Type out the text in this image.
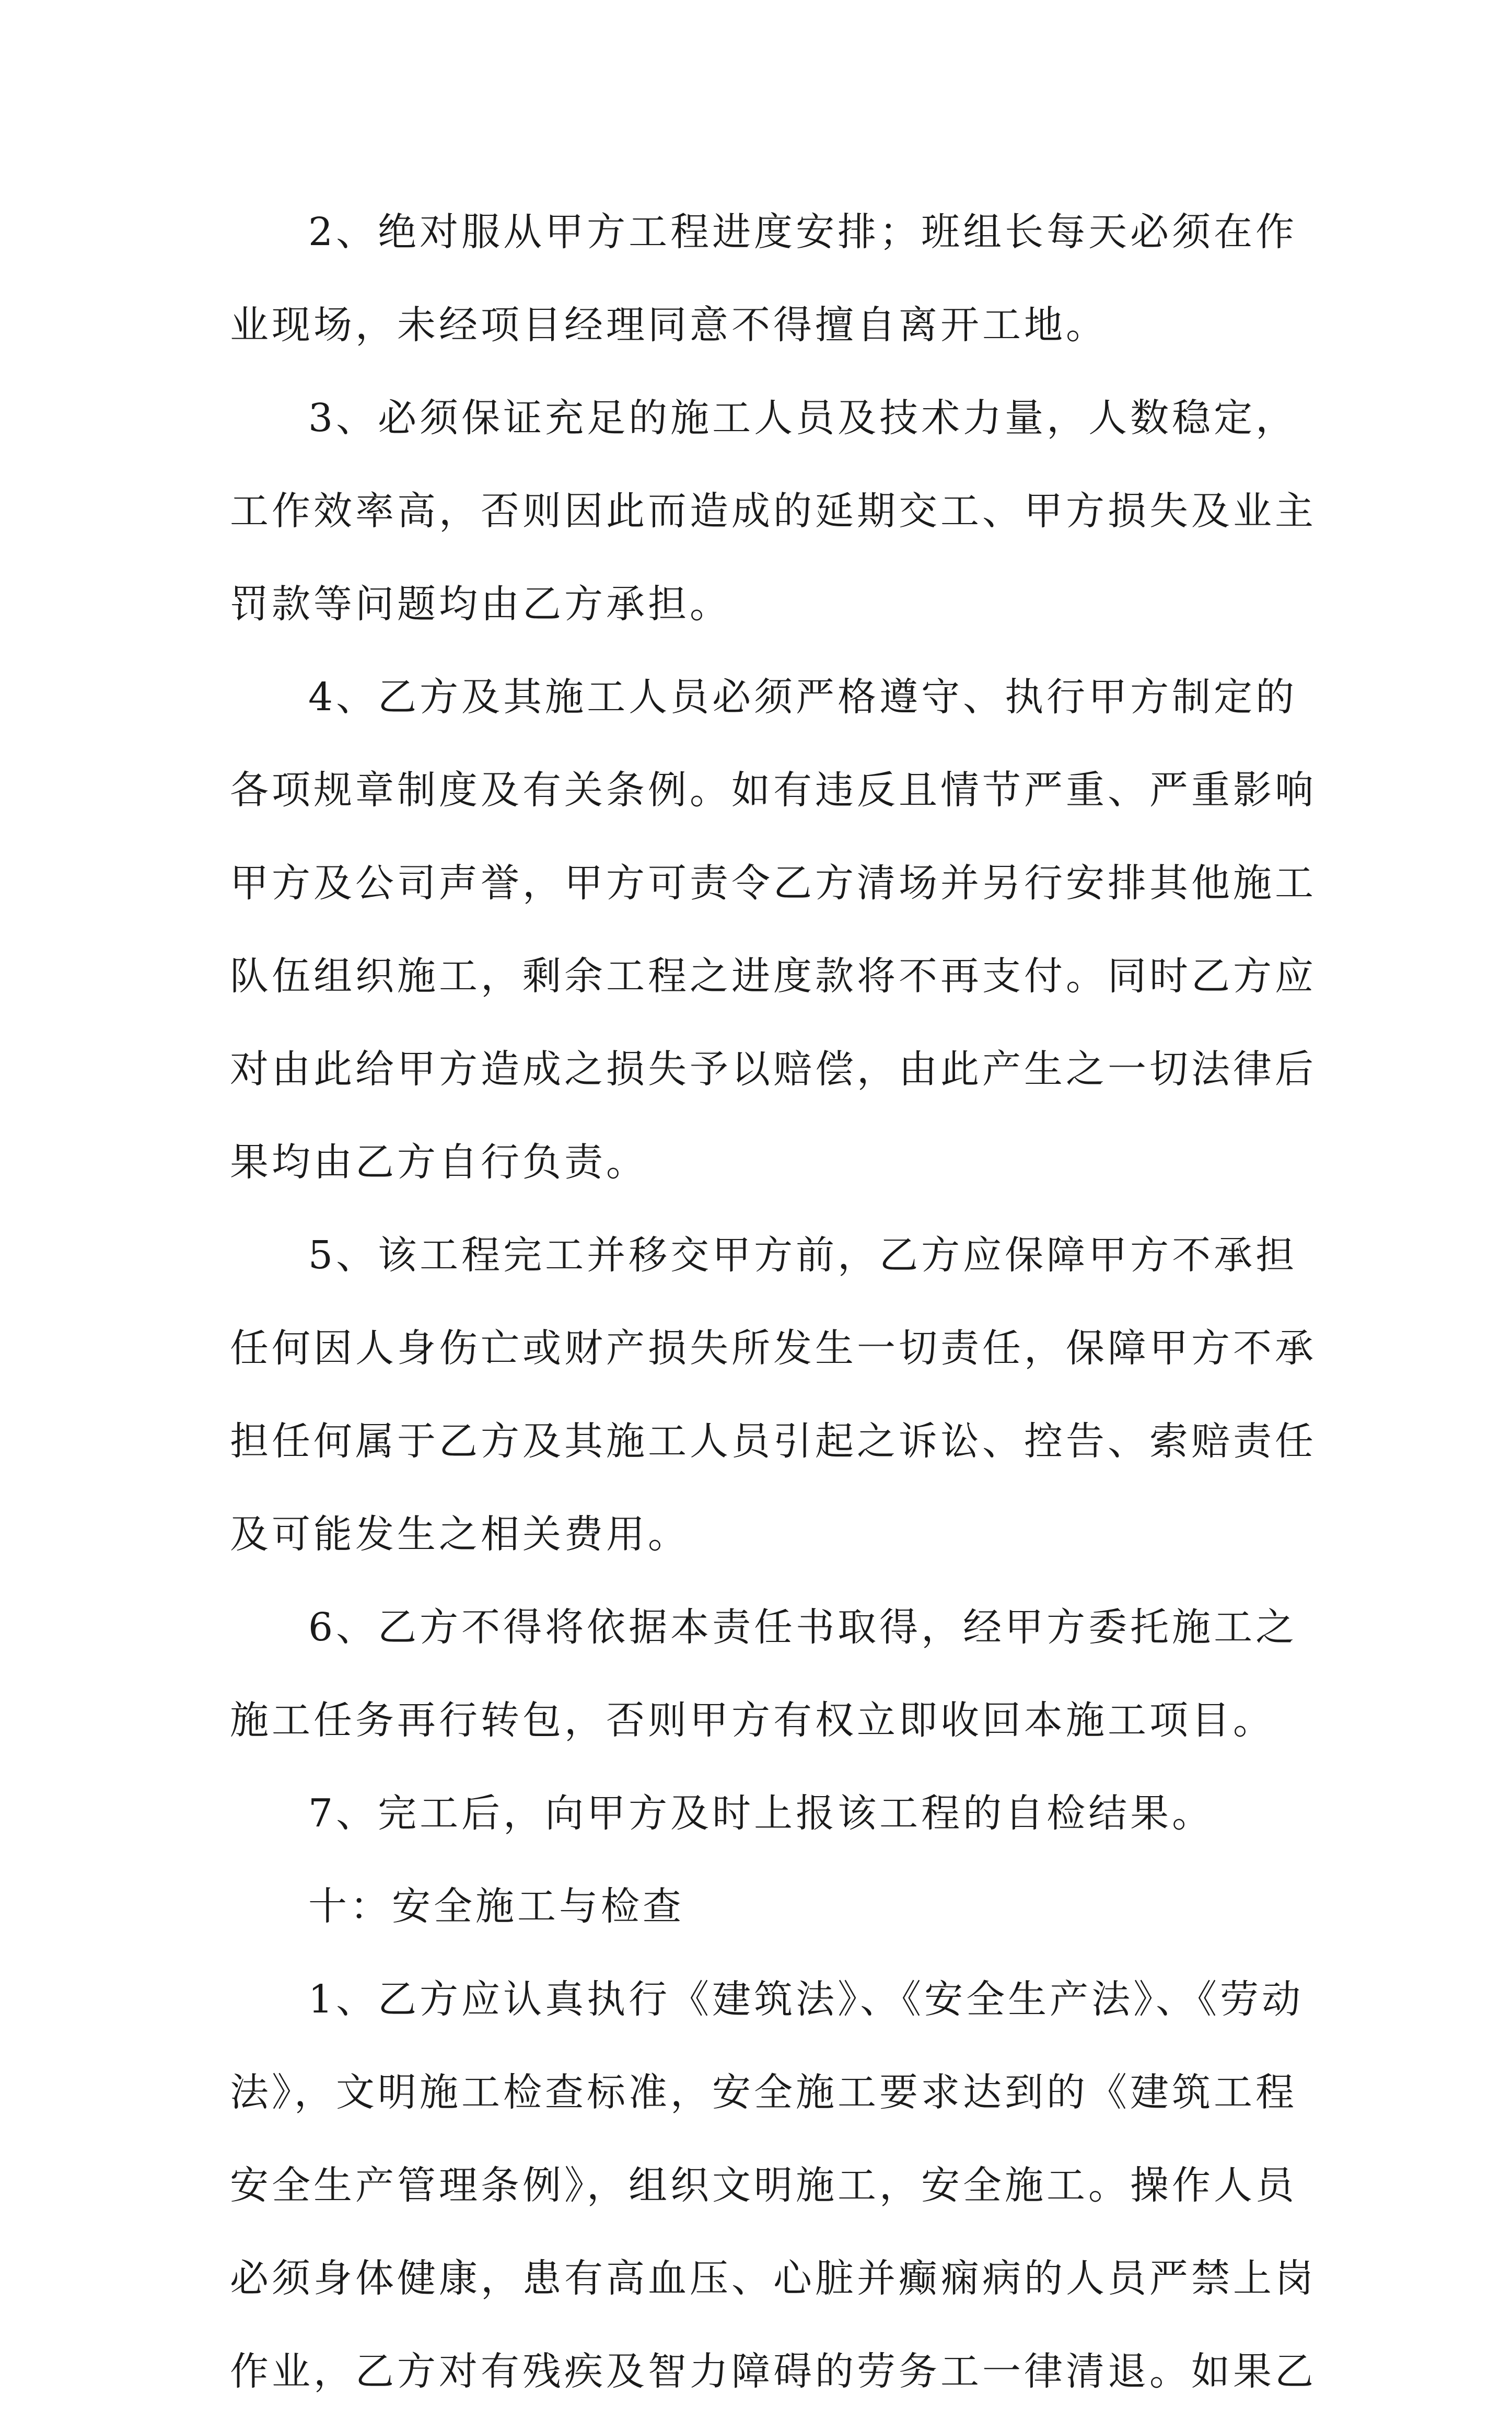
2、绝对服从甲方工程进度安排；班组长每天必须在作
业现场，未经项目经理同意不得擅自离开工地。
3、必须保证充足的施工人员及技术力量，人数稳定，
工作效率高，否则因此而造成的延期交工、甲方损失及业主
罚款等问题均由乙方承担。
4、乙方及其施工人员必须严格遵守、执行甲方制定的
各项规章制度及有关条例。如有违反且情节严重、严重影响
甲方及公司声誉，甲方可责令乙方清场并另行安排其他施工
队伍组织施工，剩余工程之进度款将不再支付。同时乙方应
对由此给甲方造成之损失予以赔偿，由此产生之一切法律后
果均由乙方自行负责。
5、该工程完工并移交甲方前，乙方应保障甲方不承担
任何因人身伤亡或财产损失所发生一切责任，保障甲方不承
担任何属于乙方及其施工人员引起之诉讼、控告、索赔责任
及可能发生之相关费用。
6、乙方不得将依据本责任书取得，经甲方委托施工之
施工任务再行转包，否则甲方有权立即收回本施工项目。
7、完工后，向甲方及时上报该工程的自检结果。
十：安全施工与检查
1、乙方应认真执行《建筑法》、《安全生产法》、《劳动
法》，文明施工检查标准，安全施工要求达到的《建筑工程
安全生产管理条例》，组织文明施工，安全施工。操作人员
必须身体健康，患有高血压、心脏并癫痫病的人员严禁上岗
作业，乙方对有残疾及智力障碍的劳务工一律清退。如果乙
